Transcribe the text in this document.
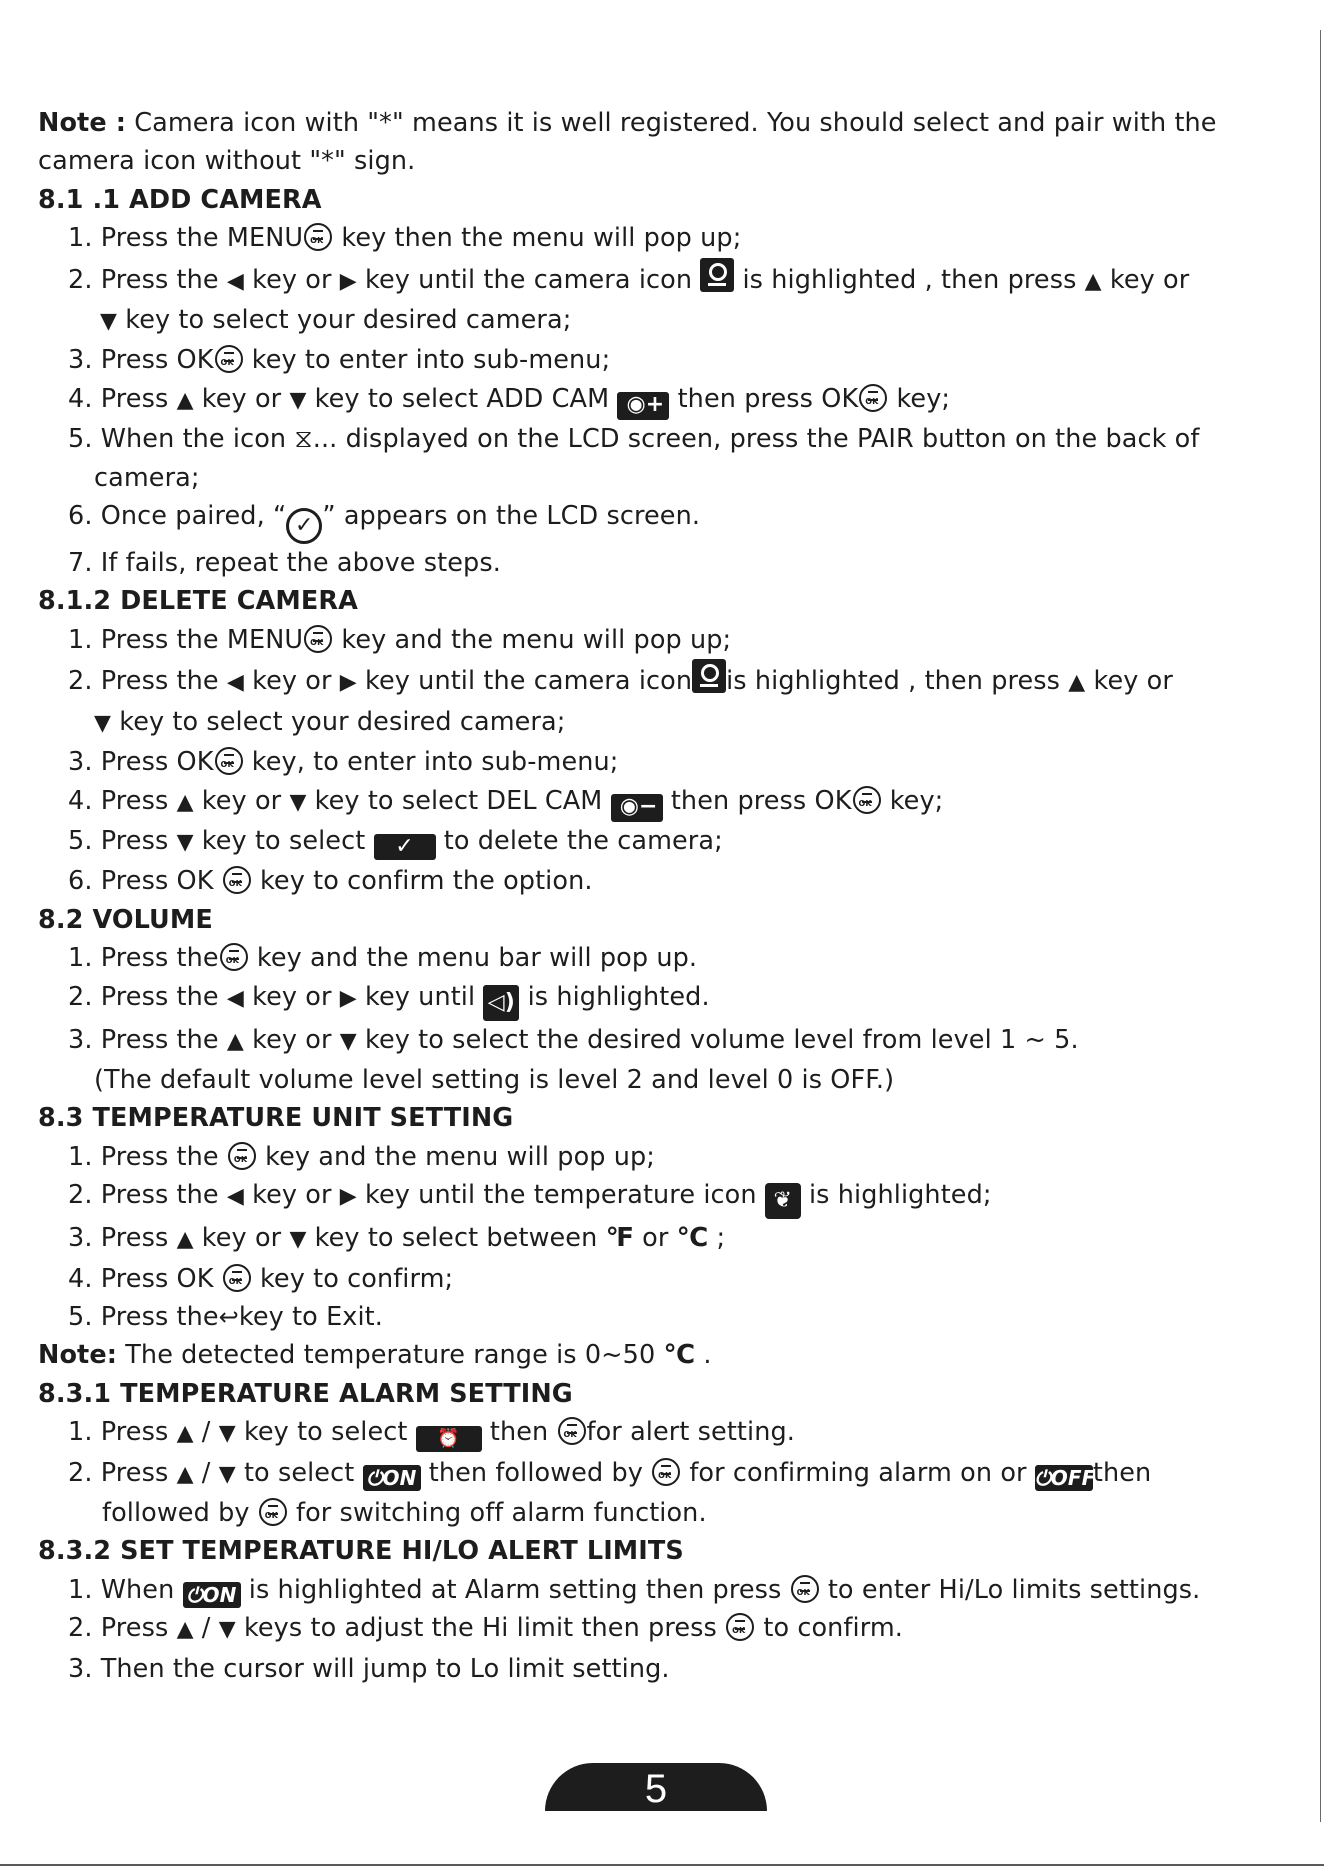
Note : Camera icon with "*" means it is well registered. You should select and pair with the
camera icon without "*" sign.
8.1 .1 ADD CAMERA
1. Press the MENUOK key then the menu will pop up;
2. Press the ◀ key or ▶ key until the camera icon  is highlighted , then press ▲ key or
▼ key to select your desired camera;
3. Press OKOK key to enter into sub-menu;
4. Press ▲ key or ▼ key to select ADD CAM ◉+ then press OKOK key;
5. When the icon ⧖... displayed on the LCD screen, press the PAIR button on the back of
camera;
6. Once paired, “ ✓ ” appears on the LCD screen.
7. If fails, repeat the above steps.
8.1.2 DELETE CAMERA
1. Press the MENUOK key and the menu will pop up;
2. Press the ◀ key or ▶ key until the camera icon is highlighted , then press ▲ key or
▼ key to select your desired camera;
3. Press OKOK key, to enter into sub-menu;
4. Press ▲ key or ▼ key to select DEL CAM ◉− then press OKOK key;
5. Press ▼ key to select ✓ to delete the camera;
6. Press OK OK key to confirm the option.
8.2 VOLUME
1. Press theOK key and the menu bar will pop up.
2. Press the ◀ key or ▶ key until ◁) is highlighted.
3. Press the ▲ key or ▼ key to select the desired volume level from level 1 ~ 5.
(The default volume level setting is level 2 and level 0 is OFF.)
8.3 TEMPERATURE UNIT SETTING
1. Press the OK key and the menu will pop up;
2. Press the ◀ key or ▶ key until the temperature icon ❦ is highlighted;
3. Press ▲ key or ▼ key to select between ℉ or ℃ ;
4. Press OK OK key to confirm;
5. Press the↩key to Exit.
Note: The detected temperature range is 0~50 ℃ .
8.3.1 TEMPERATURE ALARM SETTING
1. Press ▲ / ▼ key to select ⏰ then OKfor alert setting.
2. Press ▲ / ▼ to select ⏻ON then followed by OK for confirming alarm on or ⏻OFFthen
followed by OK for switching off alarm function.
8.3.2 SET TEMPERATURE HI/LO ALERT LIMITS
1. When ⏻ON is highlighted at Alarm setting then press OK to enter Hi/Lo limits settings.
2. Press ▲ / ▼ keys to adjust the Hi limit then press OK to confirm.
3. Then the cursor will jump to Lo limit setting.
5
